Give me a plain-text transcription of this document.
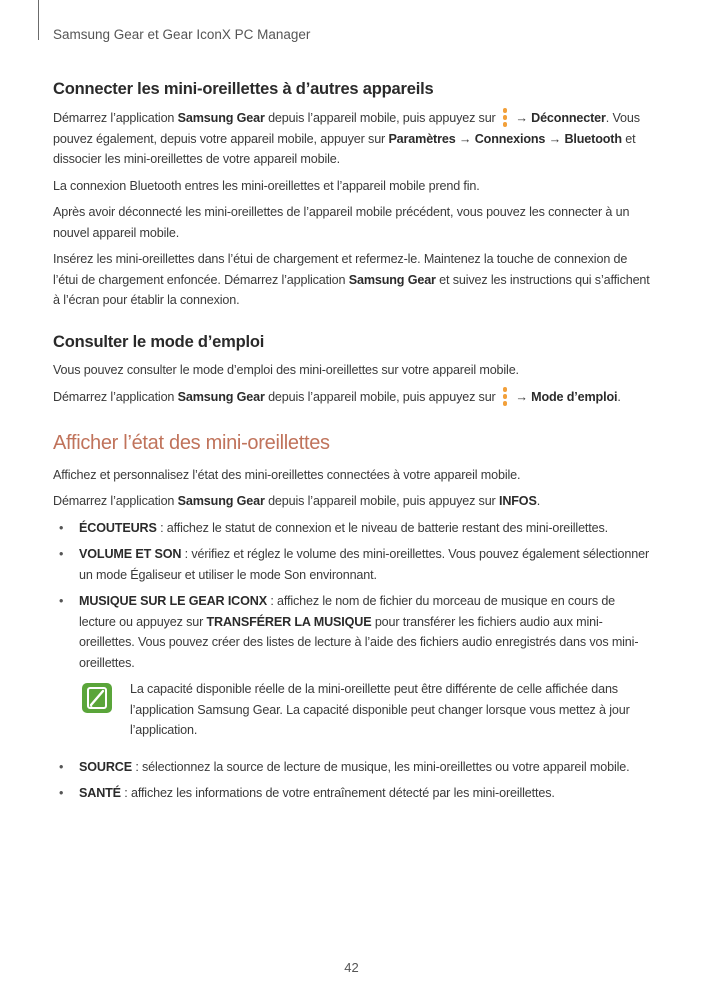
Samsung Gear et Gear IconX PC Manager
Connecter les mini-oreillettes à d’autres appareils

Démarrez l’application Samsung Gear depuis l’appareil mobile, puis appuyez sur
→ Déconnecter. Vous pouvez également, depuis votre appareil mobile, appuyer sur Paramètres → Connexions → Bluetooth et dissocier les mini-oreillettes de votre appareil mobile.

La connexion Bluetooth entres les mini-oreillettes et l’appareil mobile prend fin.

Après avoir déconnecté les mini-oreillettes de l’appareil mobile précédent, vous pouvez les connecter à un nouvel appareil mobile.

Insérez les mini-oreillettes dans l’étui de chargement et refermez-le. Maintenez la touche de connexion de l’étui de chargement enfoncée. Démarrez l’application Samsung Gear et suivez les instructions qui s’affichent à l’écran pour établir la connexion.

Consulter le mode d’emploi

Vous pouvez consulter le mode d’emploi des mini-oreillettes sur votre appareil mobile.

Démarrez l’application Samsung Gear depuis l’appareil mobile, puis appuyez sur
→ Mode d’emploi.

Afficher l’état des mini-oreillettes

Affichez et personnalisez l’état des mini-oreillettes connectées à votre appareil mobile.

Démarrez l’application Samsung Gear depuis l’appareil mobile, puis appuyez sur INFOS.

• ÉCOUTEURS : affichez le statut de connexion et le niveau de batterie restant des mini-oreillettes.
• VOLUME ET SON : vérifiez et réglez le volume des mini-oreillettes. Vous pouvez également sélectionner un mode Égaliseur et utiliser le mode Son environnant.
• MUSIQUE SUR LE GEAR ICONX : affichez le nom de fichier du morceau de musique en cours de lecture ou appuyez sur TRANSFÉRER LA MUSIQUE pour transférer les fichiers audio aux mini-oreillettes. Vous pouvez créer des listes de lecture à l’aide des fichiers audio enregistrés dans vos mini-oreillettes.

La capacité disponible réelle de la mini-oreillette peut être différente de celle affichée dans l’application Samsung Gear. La capacité disponible peut changer lorsque vous mettez à jour l’application.

• SOURCE : sélectionnez la source de lecture de musique, les mini-oreillettes ou votre appareil mobile.
• SANTÉ : affichez les informations de votre entraînement détecté par les mini-oreillettes.
42
